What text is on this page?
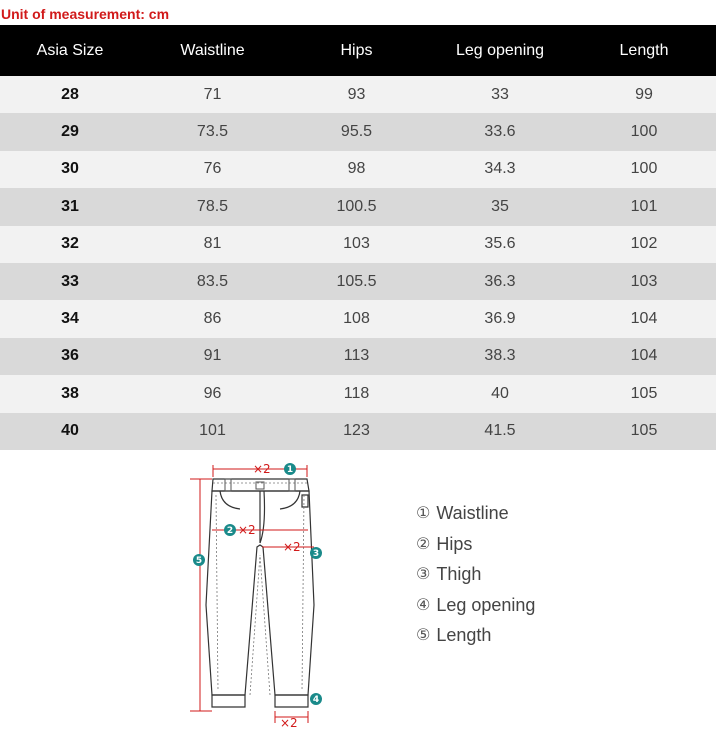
Unit of measurement: cm
Asia Size	Waistline	Hips	Leg opening	Length
28	71	93	33	99
29	73.5	95.5	33.6	100
30	76	98	34.3	100
31	78.5	100.5	35	101
32	81	103	35.6	102
33	83.5	105.5	36.3	103
34	86	108	36.9	104
36	91	113	38.3	104
38	96	118	40	105
40	101	123	41.5	105
×2
×2
×2
×2
1
2
3
4
5
① Waistline
② Hips
③ Thigh
④ Leg opening
⑤ Length
